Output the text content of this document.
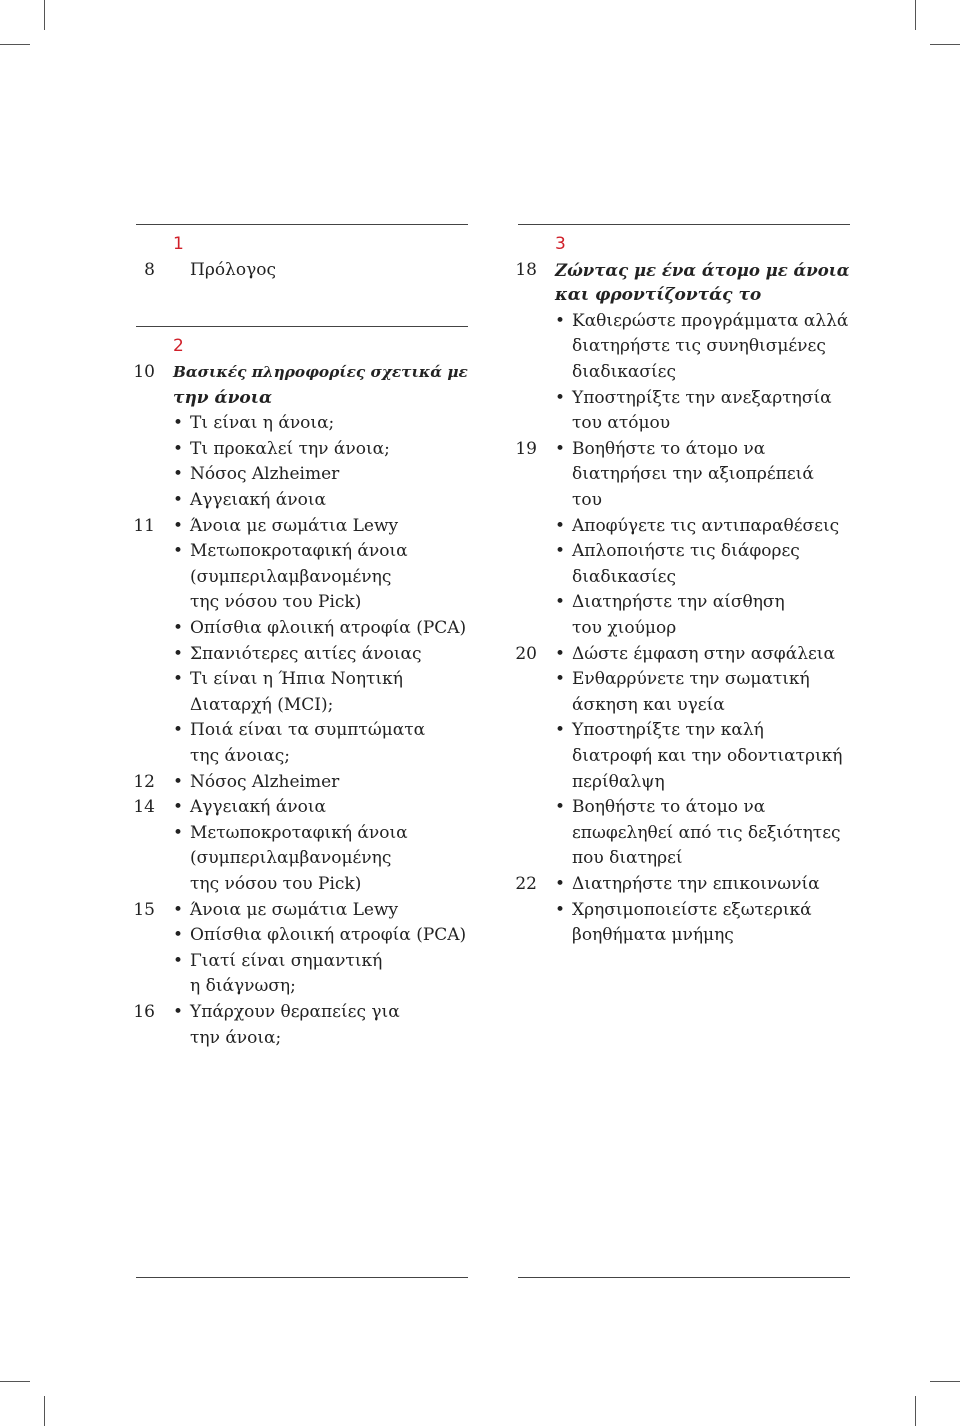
1
8 Πρόλογος
2
10 Βασικές πληροφορίες σχετικά με
την άνοια
• Τι είναι η άνοια;
• Τι προκαλεί την άνοια;
• Νόσος Alzheimer
• Αγγειακή άνοια
11 • Άνοια με σωμάτια Lewy
• Μετωποκροταφική άνοια
(συμπεριλαμβανομένης
της νόσου του Pick)
• Οπίσθια φλοιική ατροφία (PCA)
• Σπανιότερες αιτίες άνοιας
• Τι είναι η Ήπια Νοητική
Διαταρχή (MCI);
• Ποιά είναι τα συμπτώματα
της άνοιας;
12 • Νόσος Alzheimer
14 • Αγγειακή άνοια
• Μετωποκροταφική άνοια
(συμπεριλαμβανομένης
της νόσου του Pick)
15 • Άνοια με σωμάτια Lewy
• Οπίσθια φλοιική ατροφία (PCA)
• Γιατί είναι σημαντική
η διάγνωση;
16 • Υπάρχουν θεραπείες για
την άνοια;
3
18 Ζώντας με ένα άτομο με άνοια
και φροντίζοντάς το
• Καθιερώστε προγράμματα αλλά
διατηρήστε τις συνηθισμένες
διαδικασίες
• Υποστηρίξτε την ανεξαρτησία
του ατόμου
19 • Βοηθήστε το άτομο να
διατηρήσει την αξιοπρέπειά
του
• Αποφύγετε τις αντιπαραθέσεις
• Απλοποιήστε τις διάφορες
διαδικασίες
• Διατηρήστε την αίσθηση
του χιούμορ
20 • Δώστε έμφαση στην ασφάλεια
• Ενθαρρύνετε την σωματική
άσκηση και υγεία
• Υποστηρίξτε την καλή
διατροφή και την οδοντιατρική
περίθαλψη
• Βοηθήστε το άτομο να
επωφεληθεί από τις δεξιότητες
που διατηρεί
22 • Διατηρήστε την επικοινωνία
• Χρησιμοποιείστε εξωτερικά
βοηθήματα μνήμης
